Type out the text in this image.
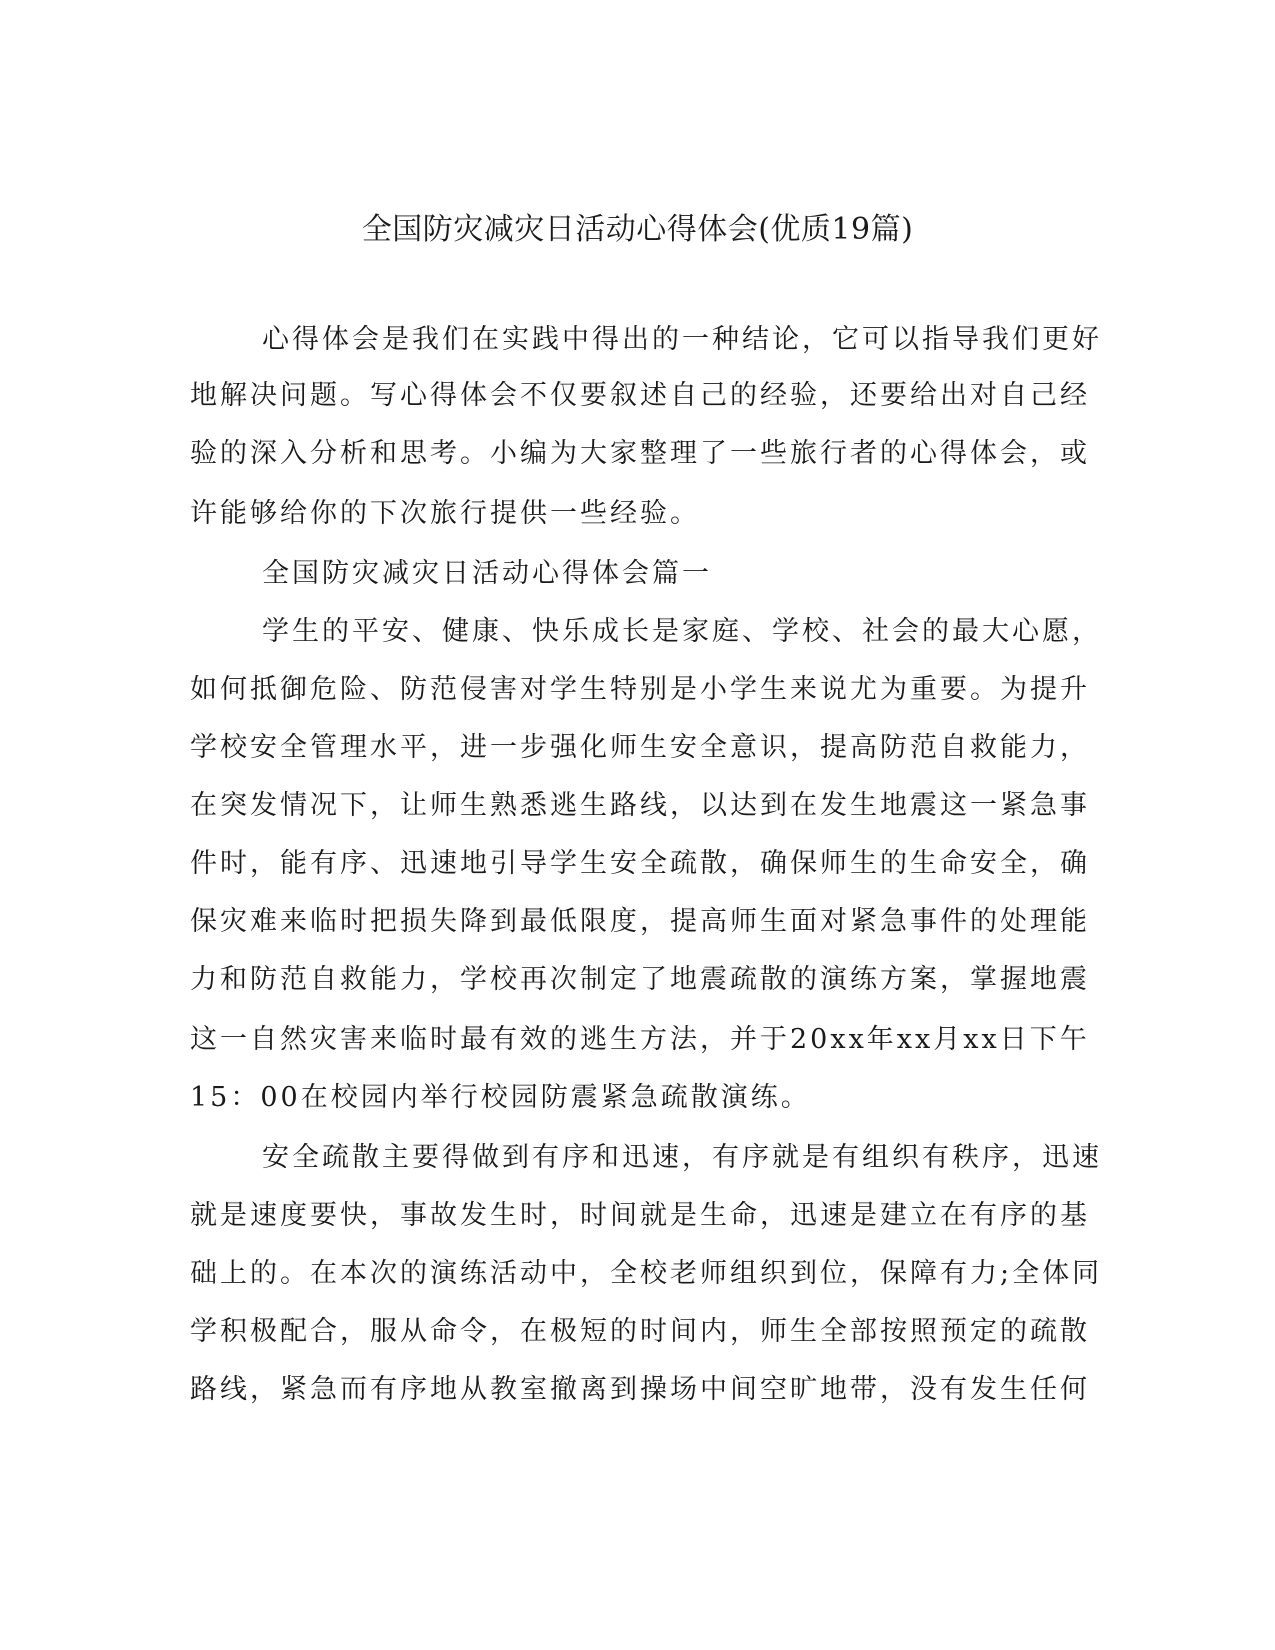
全国防灾减灾日活动心得体会(优质19篇)

心得体会是我们在实践中得出的一种结论，它可以指导我们更好

地解决问题。写心得体会不仅要叙述自己的经验，还要给出对自己经

验的深入分析和思考。小编为大家整理了一些旅行者的心得体会，或

许能够给你的下次旅行提供一些经验。

全国防灾减灾日活动心得体会篇一

学生的平安、健康、快乐成长是家庭、学校、社会的最大心愿，

如何抵御危险、防范侵害对学生特别是小学生来说尤为重要。为提升

学校安全管理水平，进一步强化师生安全意识，提高防范自救能力，

在突发情况下，让师生熟悉逃生路线，以达到在发生地震这一紧急事

件时，能有序、迅速地引导学生安全疏散，确保师生的生命安全，确

保灾难来临时把损失降到最低限度，提高师生面对紧急事件的处理能

力和防范自救能力，学校再次制定了地震疏散的演练方案，掌握地震

这一自然灾害来临时最有效的逃生方法，并于20xx年xx月xx日下午

15：00在校园内举行校园防震紧急疏散演练。

安全疏散主要得做到有序和迅速，有序就是有组织有秩序，迅速

就是速度要快，事故发生时，时间就是生命，迅速是建立在有序的基

础上的。在本次的演练活动中，全校老师组织到位，保障有力;全体同

学积极配合，服从命令，在极短的时间内，师生全部按照预定的疏散

路线，紧急而有序地从教室撤离到操场中间空旷地带，没有发生任何
